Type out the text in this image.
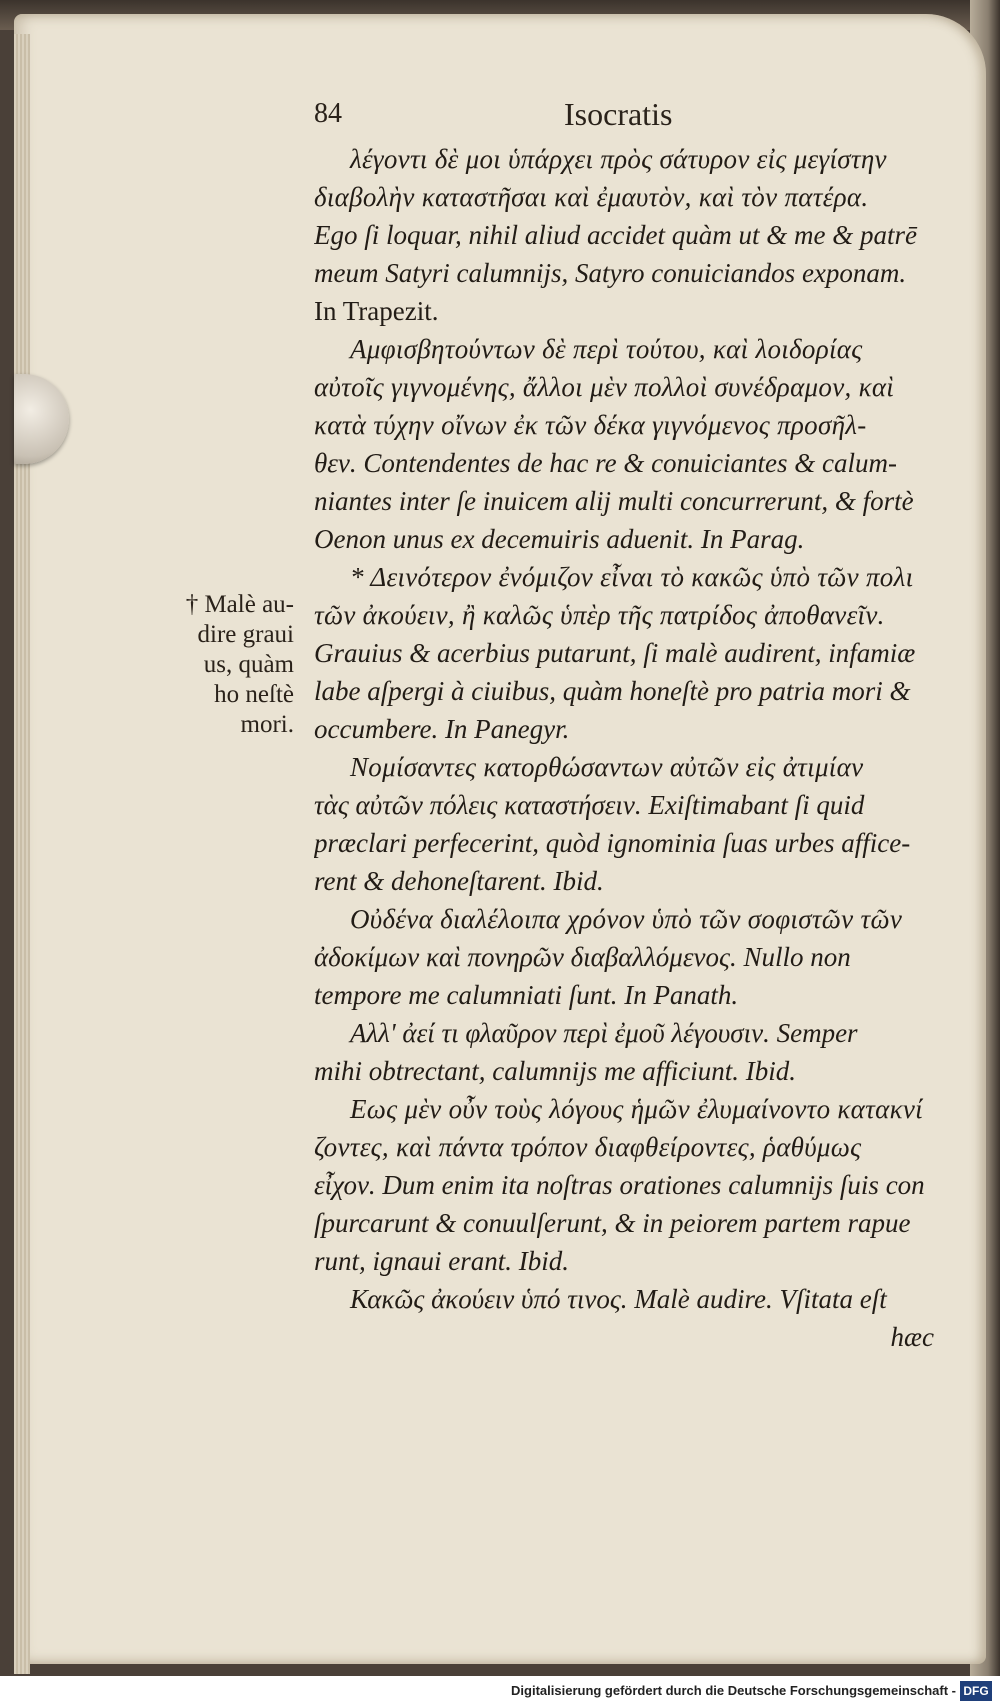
84	Isocratis
† Malè au-
dire graui
us, quàm
ho neſtè
mori.
λέγοντι δὲ μοι ὑπάρχει πρὸς σάτυρον εἰς μεγίστην
διαβολὴν καταστῆσαι καὶ ἐμαυτὸν, καὶ τὸν πατέρα.
Ego ſi loquar, nihil aliud accidet quàm ut & me & patrē
meum Satyri calumnijs, Satyro conuiciandos exponam.
In Trapezit.
Αμφισβητούντων δὲ περὶ τούτου, καὶ λοιδορίας
αὐτοῖς γιγνομένης, ἄλλοι μὲν πολλοὶ συνέδραμον, καὶ
κατὰ τύχην οἴνων ἐκ τῶν δέκα γιγνόμενος προσῆλ-
θεν. Contendentes de hac re & conuiciantes & calum-
niantes inter ſe inuicem alij multi concurrerunt, & fortè
Oenon unus ex decemuiris aduenit. In Parag.
* Δεινότερον ἐνόμιζον εἶναι τὸ κακῶς ὑπὸ τῶν πολι
τῶν ἀκούειν, ἢ καλῶς ὑπὲρ τῆς πατρίδος ἀποθανεῖν.
Grauius & acerbius putarunt, ſi malè audirent, infamiæ
labe aſpergi à ciuibus, quàm honeſtè pro patria mori &
occumbere. In Panegyr.
Νομίσαντες κατορθώσαντων αὐτῶν εἰς ἀτιμίαν
τὰς αὐτῶν πόλεις καταστήσειν. Exiſtimabant ſi quid
præclari perfecerint, quòd ignominia ſuas urbes affice-
rent & dehoneſtarent. Ibid.
Οὐδένα διαλέλοιπα χρόνον ὑπὸ τῶν σοφιστῶν τῶν
ἀδοκίμων καὶ πονηρῶν διαβαλλόμενος. Nullo non
tempore me calumniati ſunt. In Panath.
Αλλ' ἀεί τι φλαῦρον περὶ ἐμοῦ λέγουσιν. Semper
mihi obtrectant, calumnijs me afficiunt. Ibid.
Εως μὲν οὖν τοὺς λόγους ἡμῶν ἐλυμαίνοντο κατακνί
ζοντες, καὶ πάντα τρόπον διαφθείροντες, ῥαθύμως
εἶχον. Dum enim ita noſtras orationes calumnijs ſuis con
ſpurcarunt & conuulſerunt, & in peiorem partem rapue
runt, ignaui erant. Ibid.
Κακῶς ἀκούειν ὑπό τινος. Malè audire. Vſitata eſt
hæc
Digitalisierung gefördert durch die Deutsche Forschungsgemeinschaft - DFG
